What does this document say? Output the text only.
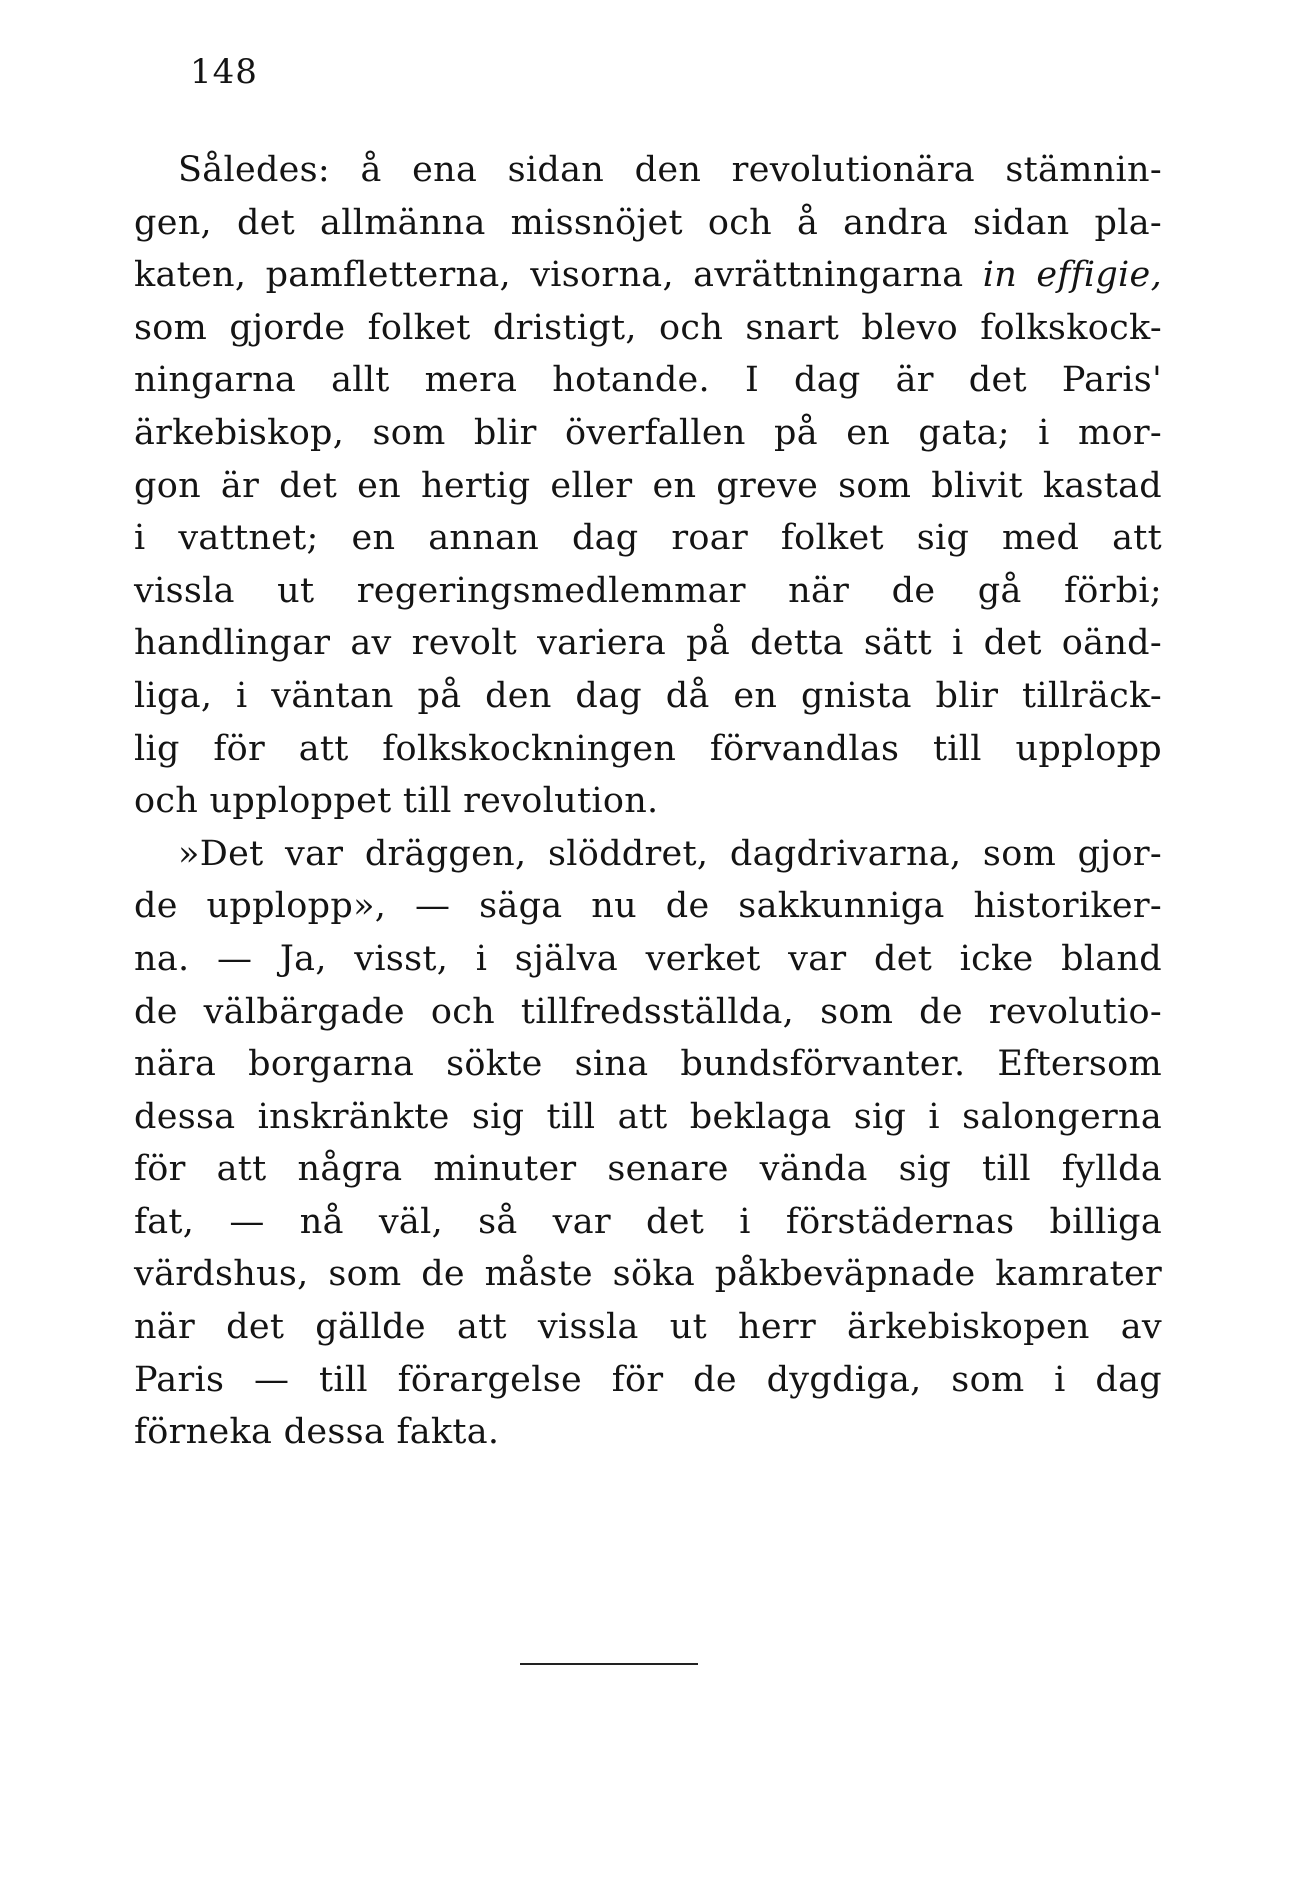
148
Således: å ena sidan den revolutionära stämnin-
gen, det allmänna missnöjet och å andra sidan pla-
katen, pamfletterna, visorna, avrättningarna in effigie,
som gjorde folket dristigt, och snart blevo folkskock-
ningarna allt mera hotande. I dag är det Paris'
ärkebiskop, som blir överfallen på en gata; i mor-
gon är det en hertig eller en greve som blivit kastad
i vattnet; en annan dag roar folket sig med att
vissla ut regeringsmedlemmar när de gå förbi;
handlingar av revolt variera på detta sätt i det oänd-
liga, i väntan på den dag då en gnista blir tillräck-
lig för att folkskockningen förvandlas till upplopp
och upploppet till revolution.
»Det var dräggen, slöddret, dagdrivarna, som gjor-
de upplopp», — säga nu de sakkunniga historiker-
na. — Ja, visst, i själva verket var det icke bland
de välbärgade och tillfredsställda, som de revolutio-
nära borgarna sökte sina bundsförvanter. Eftersom
dessa inskränkte sig till att beklaga sig i salongerna
för att några minuter senare vända sig till fyllda
fat, — nå väl, så var det i förstädernas billiga
värdshus, som de måste söka påkbeväpnade kamrater
när det gällde att vissla ut herr ärkebiskopen av
Paris — till förargelse för de dygdiga, som i dag
förneka dessa fakta.
